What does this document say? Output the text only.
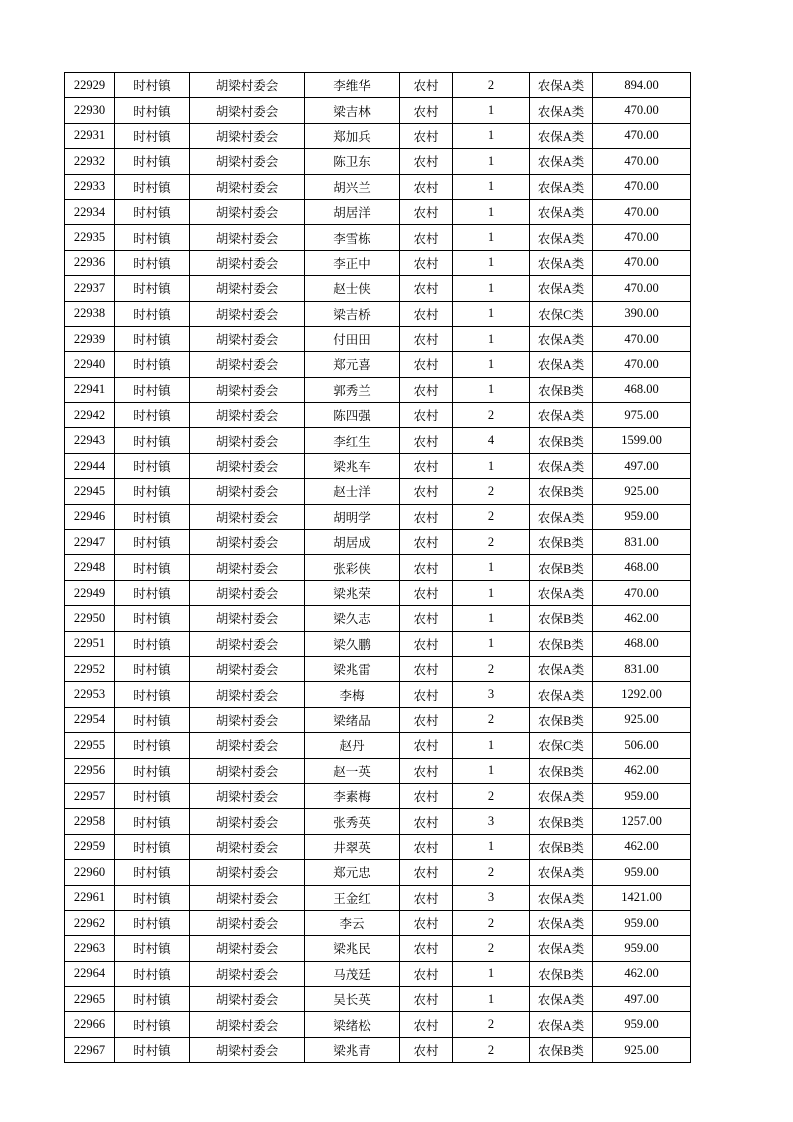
22929	时村镇	胡梁村委会	李维华	农村	2	农保A类	894.00
22930	时村镇	胡梁村委会	梁吉林	农村	1	农保A类	470.00
22931	时村镇	胡梁村委会	郑加兵	农村	1	农保A类	470.00
22932	时村镇	胡梁村委会	陈卫东	农村	1	农保A类	470.00
22933	时村镇	胡梁村委会	胡兴兰	农村	1	农保A类	470.00
22934	时村镇	胡梁村委会	胡居洋	农村	1	农保A类	470.00
22935	时村镇	胡梁村委会	李雪栋	农村	1	农保A类	470.00
22936	时村镇	胡梁村委会	李正中	农村	1	农保A类	470.00
22937	时村镇	胡梁村委会	赵士侠	农村	1	农保A类	470.00
22938	时村镇	胡梁村委会	梁吉桥	农村	1	农保C类	390.00
22939	时村镇	胡梁村委会	付田田	农村	1	农保A类	470.00
22940	时村镇	胡梁村委会	郑元喜	农村	1	农保A类	470.00
22941	时村镇	胡梁村委会	郭秀兰	农村	1	农保B类	468.00
22942	时村镇	胡梁村委会	陈四强	农村	2	农保A类	975.00
22943	时村镇	胡梁村委会	李红生	农村	4	农保B类	1599.00
22944	时村镇	胡梁村委会	梁兆车	农村	1	农保A类	497.00
22945	时村镇	胡梁村委会	赵士洋	农村	2	农保B类	925.00
22946	时村镇	胡梁村委会	胡明学	农村	2	农保A类	959.00
22947	时村镇	胡梁村委会	胡居成	农村	2	农保B类	831.00
22948	时村镇	胡梁村委会	张彩侠	农村	1	农保B类	468.00
22949	时村镇	胡梁村委会	梁兆荣	农村	1	农保A类	470.00
22950	时村镇	胡梁村委会	梁久志	农村	1	农保B类	462.00
22951	时村镇	胡梁村委会	梁久鹏	农村	1	农保B类	468.00
22952	时村镇	胡梁村委会	梁兆雷	农村	2	农保A类	831.00
22953	时村镇	胡梁村委会	李梅	农村	3	农保A类	1292.00
22954	时村镇	胡梁村委会	梁绪品	农村	2	农保B类	925.00
22955	时村镇	胡梁村委会	赵丹	农村	1	农保C类	506.00
22956	时村镇	胡梁村委会	赵一英	农村	1	农保B类	462.00
22957	时村镇	胡梁村委会	李素梅	农村	2	农保A类	959.00
22958	时村镇	胡梁村委会	张秀英	农村	3	农保B类	1257.00
22959	时村镇	胡梁村委会	井翠英	农村	1	农保B类	462.00
22960	时村镇	胡梁村委会	郑元忠	农村	2	农保A类	959.00
22961	时村镇	胡梁村委会	王金红	农村	3	农保A类	1421.00
22962	时村镇	胡梁村委会	李云	农村	2	农保A类	959.00
22963	时村镇	胡梁村委会	梁兆民	农村	2	农保A类	959.00
22964	时村镇	胡梁村委会	马茂廷	农村	1	农保B类	462.00
22965	时村镇	胡梁村委会	吴长英	农村	1	农保A类	497.00
22966	时村镇	胡梁村委会	梁绪松	农村	2	农保A类	959.00
22967	时村镇	胡梁村委会	梁兆青	农村	2	农保B类	925.00
